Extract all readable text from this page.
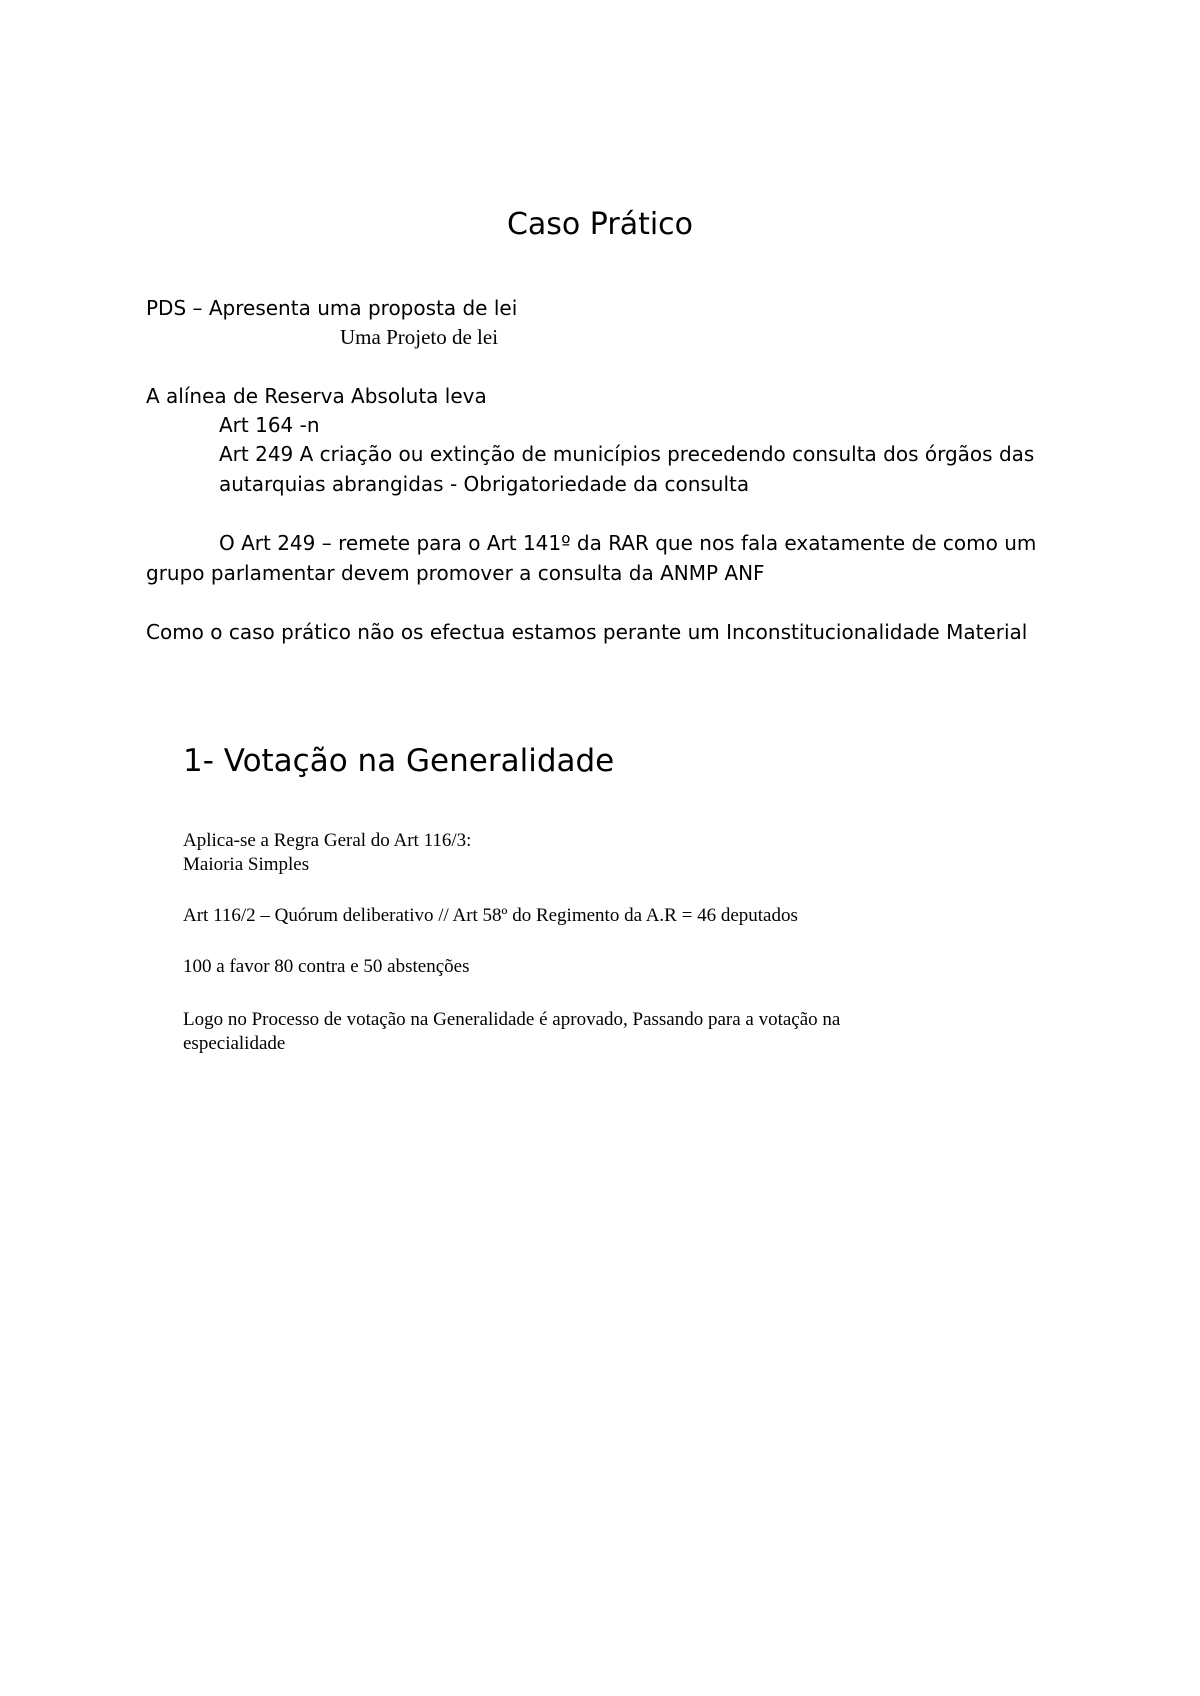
Caso Prático
PDS – Apresenta uma proposta de lei
Uma Projeto de lei
A alínea de Reserva Absoluta leva
Art 164 -n
Art 249 A criação ou extinção de municípios precedendo consulta dos órgãos das
autarquias abrangidas - Obrigatoriedade da consulta
O Art 249 – remete para o Art 141º da RAR que nos fala exatamente de como um
grupo parlamentar devem promover a consulta da ANMP ANF
Como o caso prático não os efectua estamos perante um Inconstitucionalidade Material
1- Votação na Generalidade
Aplica-se a Regra Geral do Art 116/3:
Maioria Simples
Art 116/2 – Quórum deliberativo // Art 58º do Regimento da A.R = 46 deputados
100 a favor 80 contra e 50 abstenções
Logo no Processo de votação na Generalidade é aprovado, Passando para a votação na
especialidade
